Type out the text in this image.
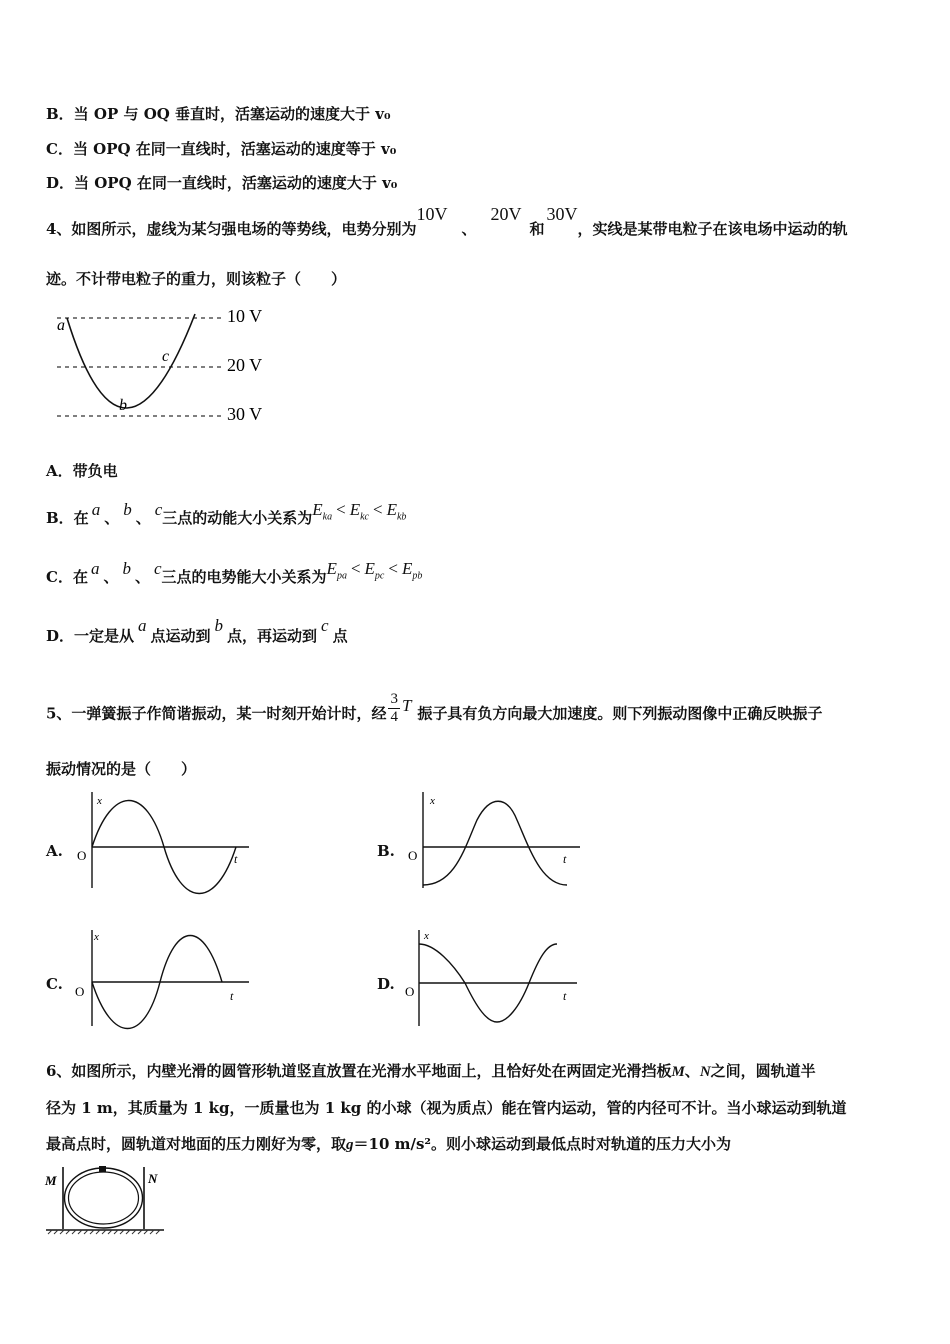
B．当 OP 与 OQ 垂直时，活塞运动的速度大于 v₀
C．当 OPQ 在同一直线时，活塞运动的速度等于 v₀
D．当 OPQ 在同一直线时，活塞运动的速度大于 v₀
4、如图所示，虚线为某匀强电场的等势线，电势分别为10V、20V和30V，实线是某带电粒子在该电场中运动的轨
迹。不计带电粒子的重力，则该粒子（　　）
10 V
20 V
30 V
a
b
c
A．带负电
B．在 a 、 b 、 c三点的动能大小关系为$E_{ka} < E_{kc} < E_{kb}$
C．在 a 、 b 、 c三点的电势能大小关系为$E_{pa} < E_{pc} < E_{pb}$
D．一定是从a点运动到b点，再运动到c点
5、一弹簧振子作简谐振动，某一时刻开始计时，经 $\frac{3}{4}$ T 振子具有负方向最大加速度。则下列振动图像中正确反映振子
振动情况的是（　　）
A.	B.
C.	D.
x
t
O
x
t
O
x
t
O
x
t
O
6、如图所示，内壁光滑的圆管形轨道竖直放置在光滑水平地面上，且恰好处在两固定光滑挡板M、N之间，圆轨道半
径为 1 m，其质量为 1 kg，一质量也为 1 kg 的小球（视为质点）能在管内运动，管的内径可不计。当小球运动到轨道
最高点时，圆轨道对地面的压力刚好为零，取g＝10 m/s²。则小球运动到最低点时对轨道的压力大小为
M	N
